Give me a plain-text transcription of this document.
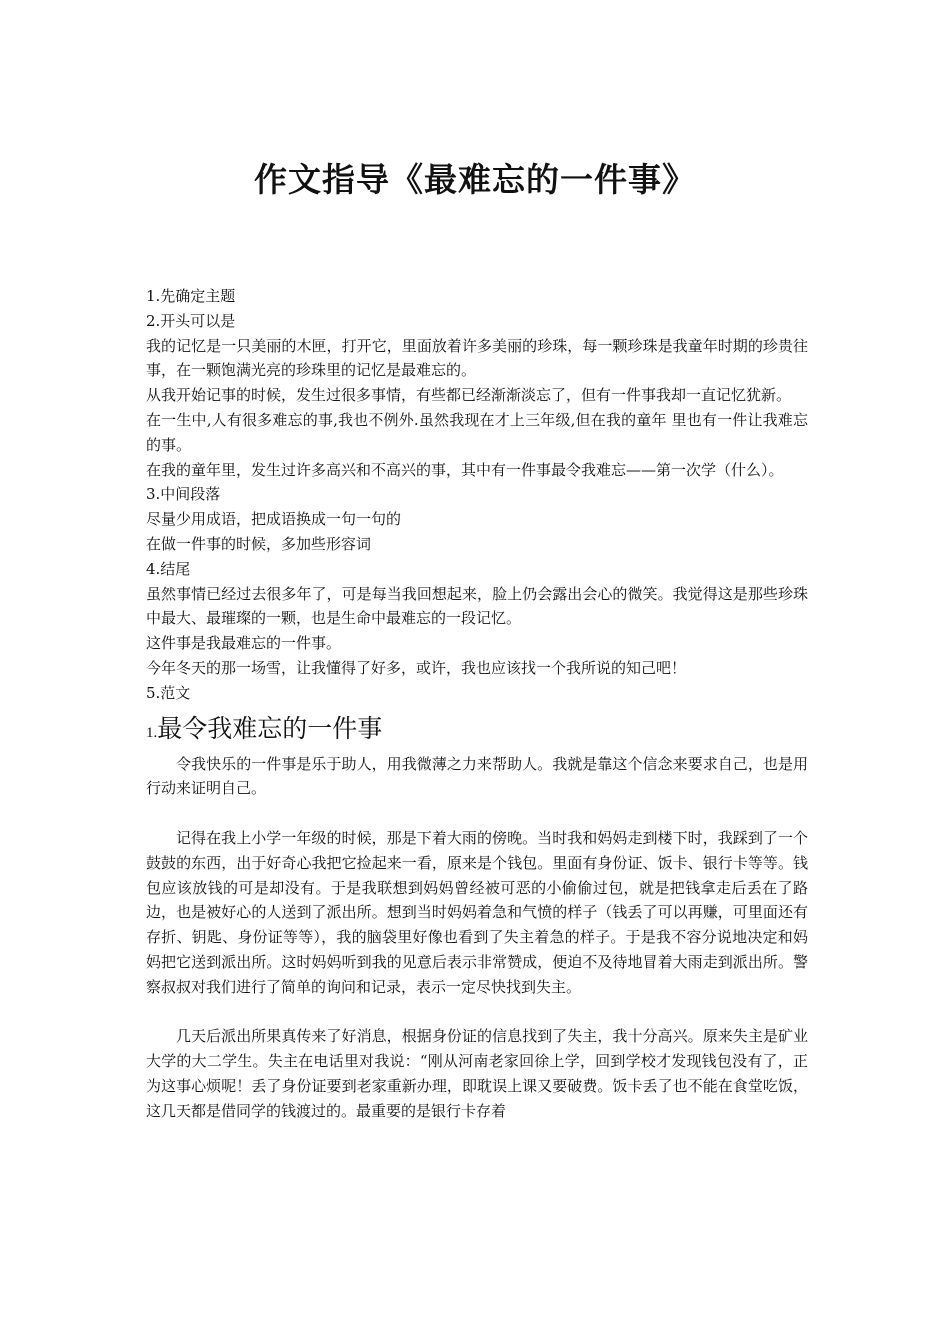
作文指导《最难忘的一件事》

1.先确定主题

2.开头可以是

我的记忆是一只美丽的木匣，打开它，里面放着许多美丽的珍珠，每一颗珍珠是我童年时期的珍贵往事，在一颗饱满光亮的珍珠里的记忆是最难忘的。

从我开始记事的时候，发生过很多事情，有些都已经渐渐淡忘了，但有一件事我却一直记忆犹新。

在一生中,人有很多难忘的事,我也不例外.虽然我现在才上三年级,但在我的童年 里也有一件让我难忘的事。

在我的童年里，发生过许多高兴和不高兴的事，其中有一件事最令我难忘——第一次学（什么）。

3.中间段落

尽量少用成语，把成语换成一句一句的

在做一件事的时候，多加些形容词

4.结尾

虽然事情已经过去很多年了，可是每当我回想起来，脸上仍会露出会心的微笑。我觉得这是那些珍珠中最大、最璀璨的一颗，也是生命中最难忘的一段记忆。

这件事是我最难忘的一件事。

今年冬天的那一场雪，让我懂得了好多，或许，我也应该找一个我所说的知己吧！

5.范文

1.最令我难忘的一件事

令我快乐的一件事是乐于助人，用我微薄之力来帮助人。我就是靠这个信念来要求自己，也是用行动来证明自己。

记得在我上小学一年级的时候，那是下着大雨的傍晚。当时我和妈妈走到楼下时，我踩到了一个鼓鼓的东西，出于好奇心我把它捡起来一看，原来是个钱包。里面有身份证、饭卡、银行卡等等。钱包应该放钱的可是却没有。于是我联想到妈妈曾经被可恶的小偷偷过包，就是把钱拿走后丢在了路边，也是被好心的人送到了派出所。想到当时妈妈着急和气愤的样子（钱丢了可以再赚，可里面还有存折、钥匙、身份证等等），我的脑袋里好像也看到了失主着急的样子。于是我不容分说地决定和妈妈把它送到派出所。这时妈妈听到我的见意后表示非常赞成，便迫不及待地冒着大雨走到派出所。警察叔叔对我们进行了简单的询问和记录，表示一定尽快找到失主。

几天后派出所果真传来了好消息，根据身份证的信息找到了失主，我十分高兴。原来失主是矿业大学的大二学生。失主在电话里对我说：“刚从河南老家回徐上学，回到学校才发现钱包没有了，正为这事心烦呢！丢了身份证要到老家重新办理，即耽误上课又要破费。饭卡丢了也不能在食堂吃饭，这几天都是借同学的钱渡过的。最重要的是银行卡存着
